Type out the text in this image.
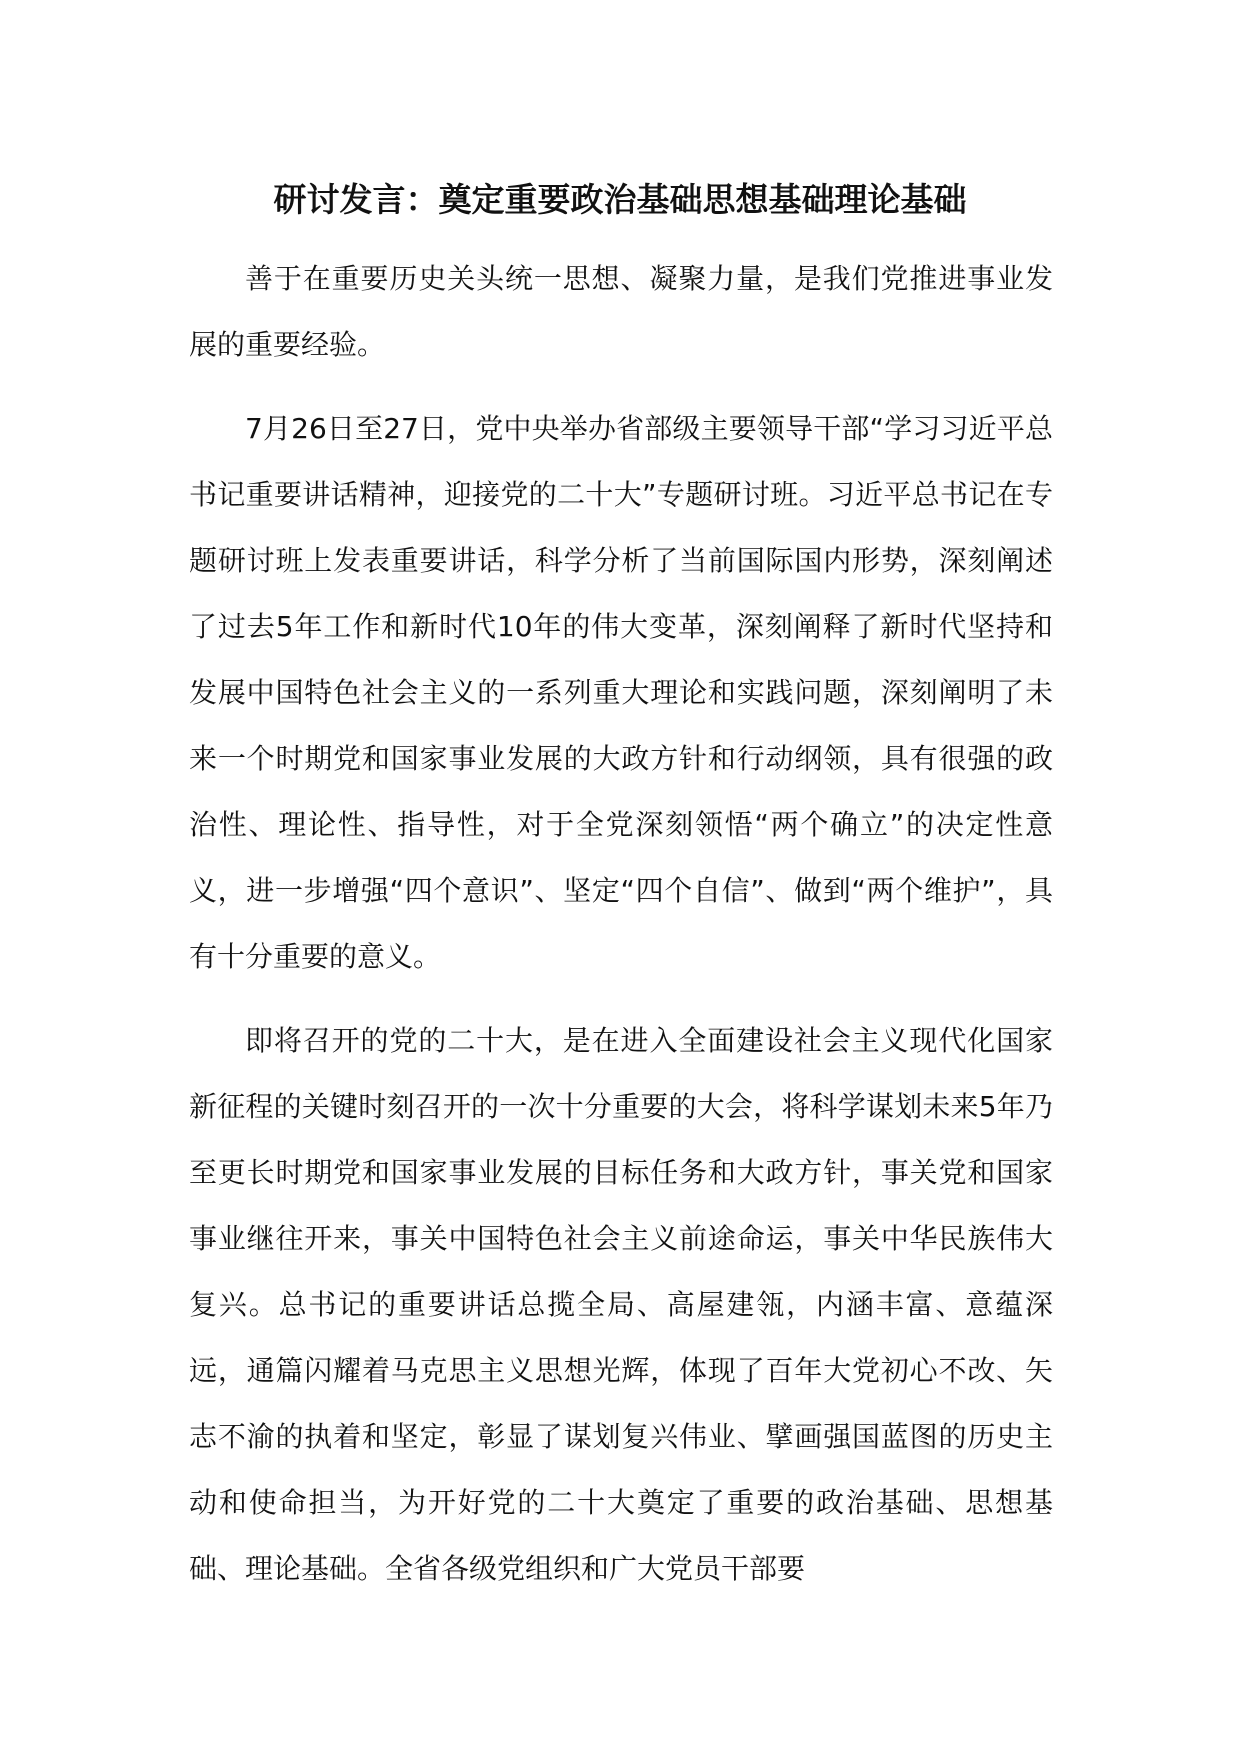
研讨发言：奠定重要政治基础思想基础理论基础

善于在重要历史关头统一思想、凝聚力量，是我们党推进事业发展的重要经验。

7月26日至27日，党中央举办省部级主要领导干部“学习习近平总书记重要讲话精神，迎接党的二十大”专题研讨班。习近平总书记在专题研讨班上发表重要讲话，科学分析了当前国际国内形势，深刻阐述了过去5年工作和新时代10年的伟大变革，深刻阐释了新时代坚持和发展中国特色社会主义的一系列重大理论和实践问题，深刻阐明了未来一个时期党和国家事业发展的大政方针和行动纲领，具有很强的政治性、理论性、指导性，对于全党深刻领悟“两个确立”的决定性意义，进一步增强“四个意识”、坚定“四个自信”、做到“两个维护”，具有十分重要的意义。

即将召开的党的二十大，是在进入全面建设社会主义现代化国家新征程的关键时刻召开的一次十分重要的大会，将科学谋划未来5年乃至更长时期党和国家事业发展的目标任务和大政方针，事关党和国家事业继往开来，事关中国特色社会主义前途命运，事关中华民族伟大复兴。总书记的重要讲话总揽全局、高屋建瓴，内涵丰富、意蕴深远，通篇闪耀着马克思主义思想光辉，体现了百年大党初心不改、矢志不渝的执着和坚定，彰显了谋划复兴伟业、擘画强国蓝图的历史主动和使命担当，为开好党的二十大奠定了重要的政治基础、思想基础、理论基础。全省各级党组织和广大党员干部要
